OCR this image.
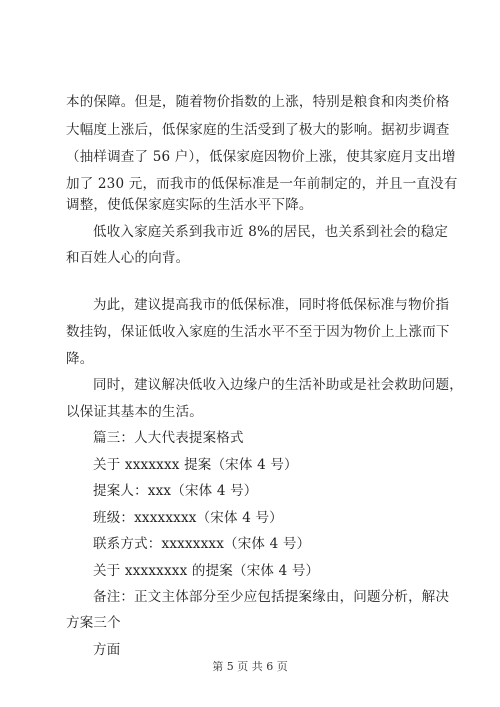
本的保障。但是，随着物价指数的上涨，特别是粮食和肉类价格
大幅度上涨后，低保家庭的生活受到了极大的影响。据初步调查
（抽样调查了 56 户），低保家庭因物价上涨，使其家庭月支出增
加了 230 元，而我市的低保标准是一年前制定的，并且一直没有
调整，使低保家庭实际的生活水平下降。
低收入家庭关系到我市近 8%的居民，也关系到社会的稳定
和百姓人心的向背。
为此，建议提高我市的低保标准，同时将低保标准与物价指
数挂钩，保证低收入家庭的生活水平不至于因为物价上上涨而下
降。
同时，建议解决低收入边缘户的生活补助或是社会救助问题，
以保证其基本的生活。
篇三：人大代表提案格式
关于 xxxxxxx 提案（宋体 4 号）
提案人：xxx（宋体 4 号）
班级：xxxxxxxx（宋体 4 号）
联系方式：xxxxxxxx（宋体 4 号）
关于 xxxxxxxx 的提案（宋体 4 号）
备注：正文主体部分至少应包括提案缘由，问题分析，解决
方案三个
方面
第 5 页 共 6 页
